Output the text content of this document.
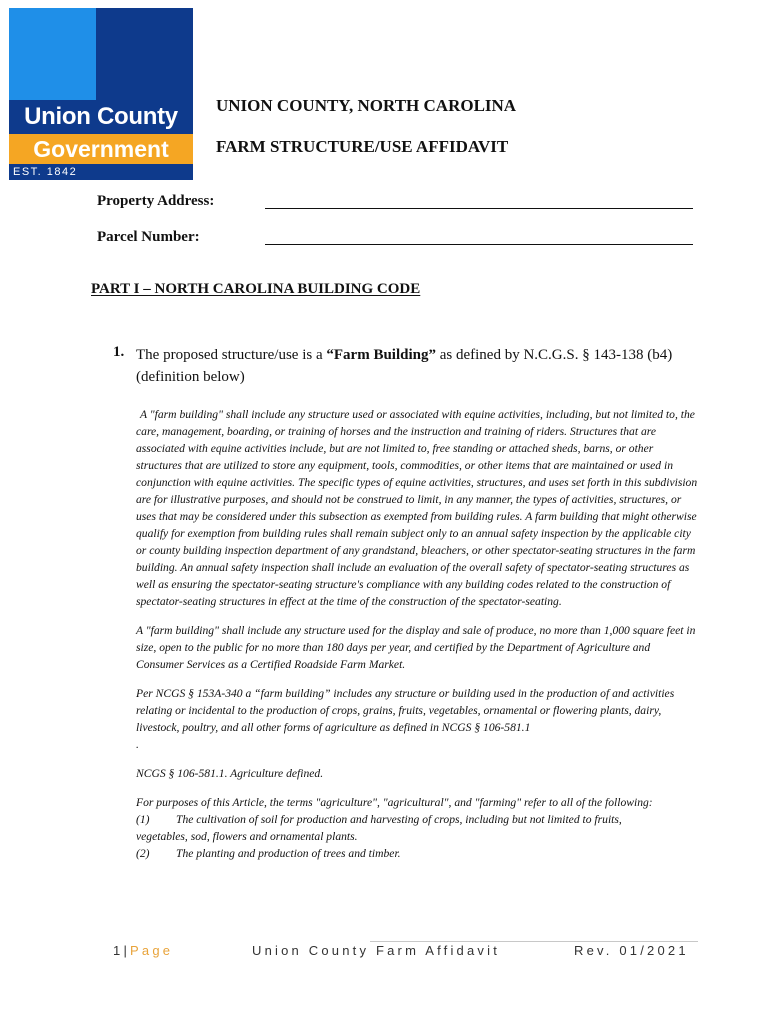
Union County
Government
EST. 1842
UNION COUNTY, NORTH CAROLINA
FARM STRUCTURE/USE AFFIDAVIT
Property Address:
Parcel Number:
PART I – NORTH CAROLINA BUILDING CODE
1. The proposed structure/use is a “Farm Building” as defined by N.C.G.S. § 143-138 (b4) (definition below)

A "farm building" shall include any structure used or associated with equine activities, including, but not limited to, the care, management, boarding, or training of horses and the instruction and training of riders. Structures that are associated with equine activities include, but are not limited to, free standing or attached sheds, barns, or other structures that are utilized to store any equipment, tools, commodities, or other items that are maintained or used in conjunction with equine activities. The specific types of equine activities, structures, and uses set forth in this subdivision are for illustrative purposes, and should not be construed to limit, in any manner, the types of activities, structures, or uses that may be considered under this subsection as exempted from building rules. A farm building that might otherwise qualify for exemption from building rules shall remain subject only to an annual safety inspection by the applicable city or county building inspection department of any grandstand, bleachers, or other spectator-seating structures in the farm building. An annual safety inspection shall include an evaluation of the overall safety of spectator-seating structures as well as ensuring the spectator-seating structure's compliance with any building codes related to the construction of spectator-seating structures in effect at the time of the construction of the spectator-seating.

A "farm building" shall include any structure used for the display and sale of produce, no more than 1,000 square feet in size, open to the public for no more than 180 days per year, and certified by the Department of Agriculture and Consumer Services as a Certified Roadside Farm Market.

Per NCGS § 153A-340 a “farm building” includes any structure or building used in the production of and activities relating or incidental to the production of crops, grains, fruits, vegetables, ornamental or flowering plants, dairy, livestock, poultry, and all other forms of agriculture as defined in NCGS § 106-581.1

.

NCGS § 106-581.1. Agriculture defined.

For purposes of this Article, the terms "agriculture", "agricultural", and "farming" refer to all of the following:

(1)	The cultivation of soil for production and harvesting of crops, including but not limited to fruits,
vegetables, sod, flowers and ornamental plants.
(2)	The planting and production of trees and timber.
1|Page	Union County Farm Affidavit	Rev. 01/2021
